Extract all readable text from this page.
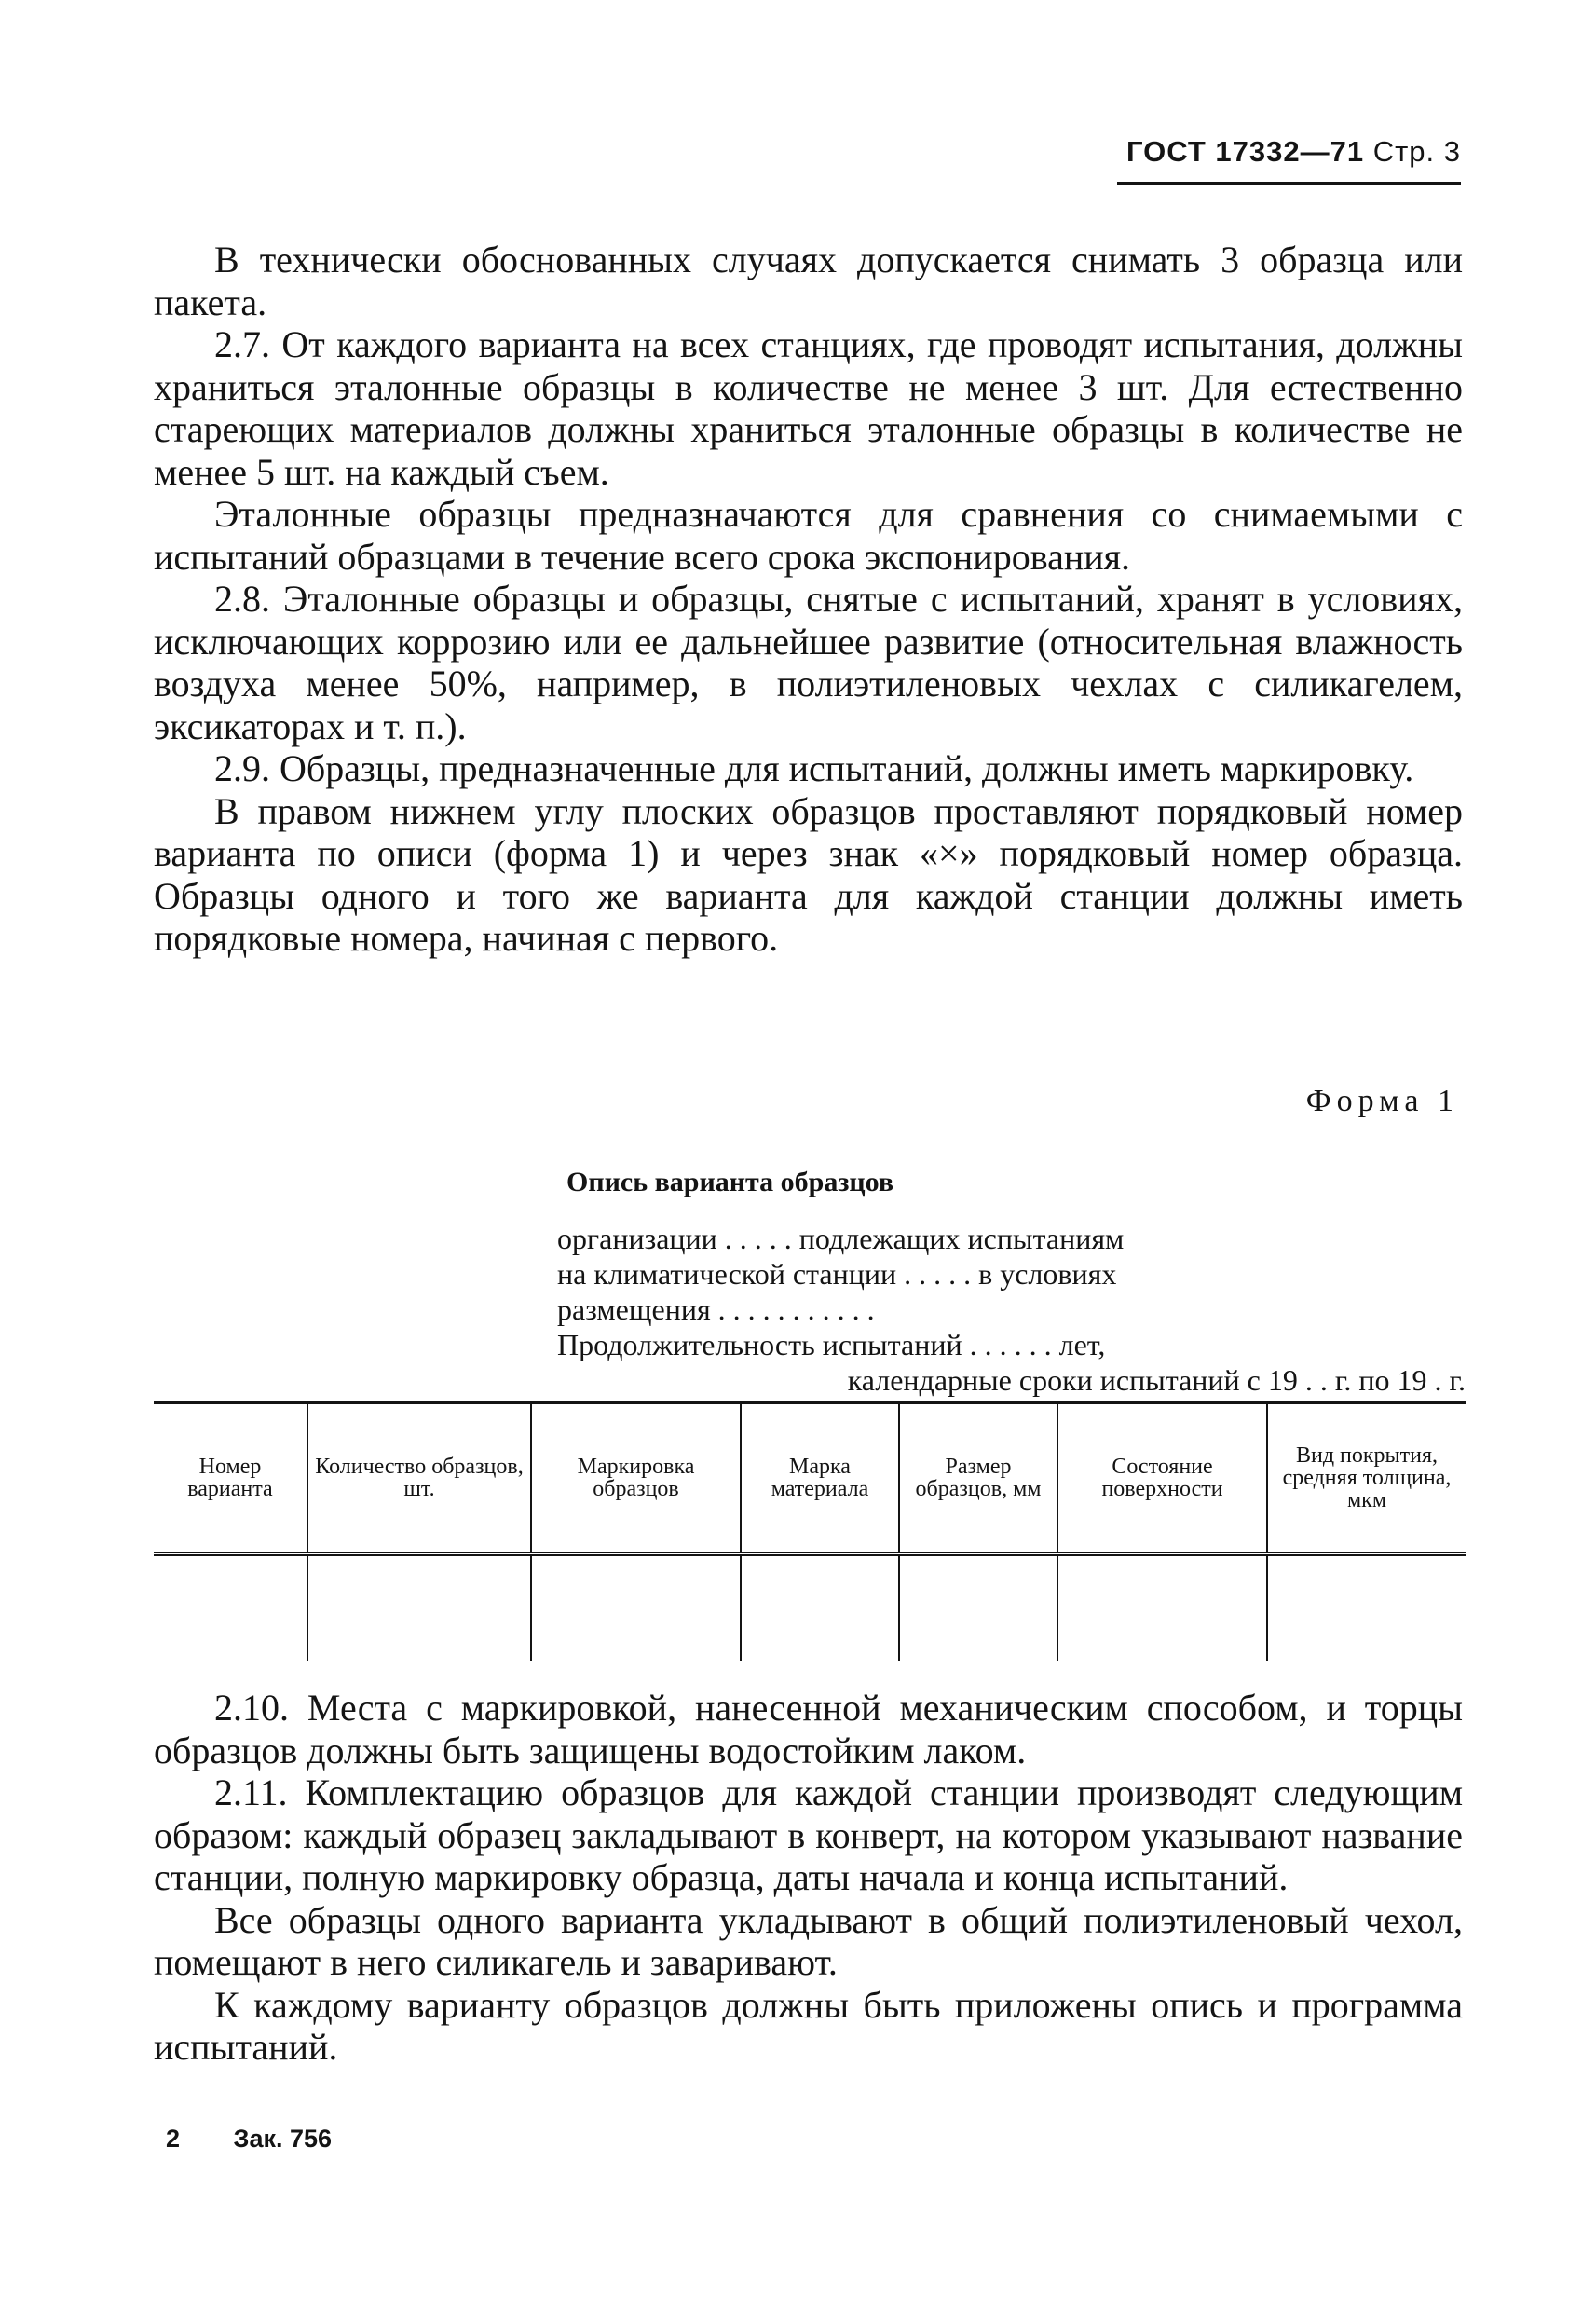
ГОСТ 17332—71 Стр. 3

В технически обоснованных случаях допускается снимать 3 образца или пакета.

2.7. От каждого варианта на всех станциях, где проводят испытания, должны храниться эталонные образцы в количестве не менее 3 шт. Для естественно стареющих материалов должны храниться эталонные образцы в количестве не менее 5 шт. на каждый съем.

Эталонные образцы предназначаются для сравнения со снимаемыми с испытаний образцами в течение всего срока экспонирования.

2.8. Эталонные образцы и образцы, снятые с испытаний, хранят в условиях, исключающих коррозию или ее дальнейшее развитие (относительная влажность воздуха менее 50%, например, в полиэтиленовых чехлах с силикагелем, эксикаторах и т. п.).

2.9. Образцы, предназначенные для испытаний, должны иметь маркировку.

В правом нижнем углу плоских образцов проставляют порядковый номер варианта по описи (форма 1) и через знак «×» порядковый номер образца. Образцы одного и того же варианта для каждой станции должны иметь порядковые номера, начиная с первого.

Форма 1
Опись варианта образцов
организации . . . . . подлежащих испытаниям
на климатической станции . . . . . в условиях
размещения . . . . . . . . . . .
Продолжительность испытаний . . . . . . лет,
календарные сроки испытаний с 19 . . г. по 19 . г.
Номер варианта	Количество образцов, шт.	Маркировка образцов	Марка материала	Размер образцов, мм	Состояние поверхности	Вид покрытия, средняя толщина, мкм

2.10. Места с маркировкой, нанесенной механическим способом, и торцы образцов должны быть защищены водостойким лаком.

2.11. Комплектацию образцов для каждой станции производят следующим образом: каждый образец закладывают в конверт, на котором указывают название станции, полную маркировку образца, даты начала и конца испытаний.

Все образцы одного варианта укладывают в общий полиэтиленовый чехол, помещают в него силикагель и заваривают.

К каждому варианту образцов должны быть приложены опись и программа испытаний.

2 Зак. 756
